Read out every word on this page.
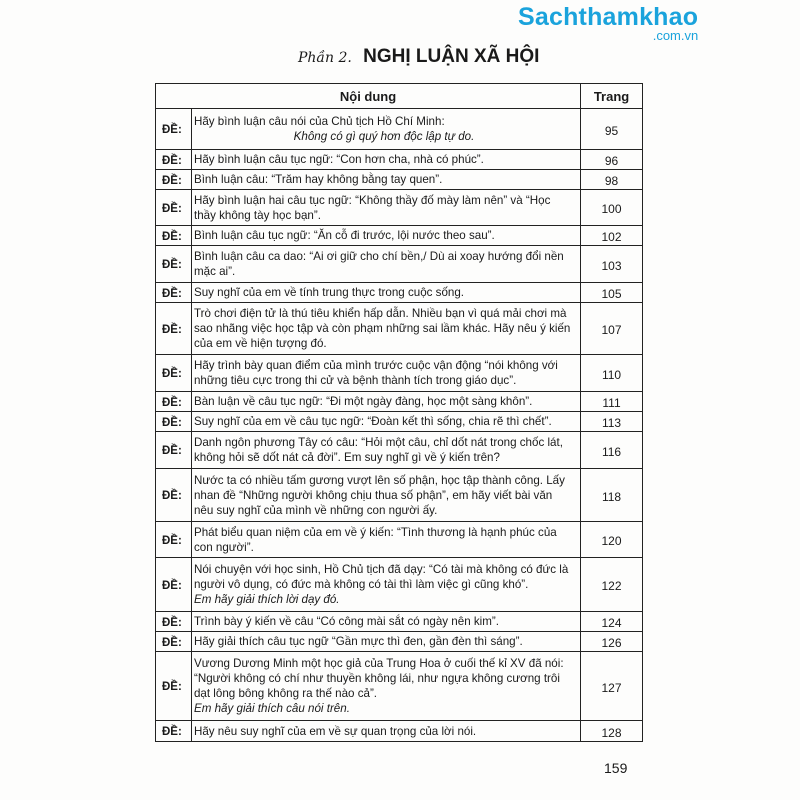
Sachthamkhao
.com.vn
Phần 2. NGHỊ LUẬN XÃ HỘI
Nội dung		Trang
ĐỀ:	Hãy bình luận câu nói của Chủ tịch Hồ Chí Minh:
Không có gì quý hơn độc lập tự do.	95
ĐỀ:	Hãy bình luận câu tục ngữ: “Con hơn cha, nhà có phúc”.	96
ĐỀ:	Bình luận câu: “Trăm hay không bằng tay quen”.	98
ĐỀ:	Hãy bình luận hai câu tục ngữ: “Không thầy đố mày làm nên” và “Học thầy không tày học bạn”.	100
ĐỀ:	Bình luận câu tục ngữ: “Ăn cỗ đi trước, lội nước theo sau”.	102
ĐỀ:	Bình luận câu ca dao: “Ai ơi giữ cho chí bền,/ Dù ai xoay hướng đổi nền mặc ai”.	103
ĐỀ:	Suy nghĩ của em về tính trung thực trong cuộc sống.	105
ĐỀ:	Trò chơi điện tử là thú tiêu khiển hấp dẫn. Nhiều bạn vì quá mải chơi mà sao nhãng việc học tập và còn phạm những sai lầm khác. Hãy nêu ý kiến của em về hiện tượng đó.	107
ĐỀ:	Hãy trình bày quan điểm của mình trước cuộc vận động “nói không với những tiêu cực trong thi cử và bệnh thành tích trong giáo dục”.	110
ĐỀ:	Bàn luận về câu tục ngữ: “Đi một ngày đàng, học một sàng khôn”.	111
ĐỀ:	Suy nghĩ của em về câu tục ngữ: “Đoàn kết thì sống, chia rẽ thì chết”.	113
ĐỀ:	Danh ngôn phương Tây có câu: “Hỏi một câu, chỉ dốt nát trong chốc lát, không hỏi sẽ dốt nát cả đời”. Em suy nghĩ gì về ý kiến trên?	116
ĐỀ:	Nước ta có nhiều tấm gương vượt lên số phận, học tập thành công. Lấy nhan đề “Những người không chịu thua số phận”, em hãy viết bài văn nêu suy nghĩ của mình về những con người ấy.	118
ĐỀ:	Phát biểu quan niệm của em về ý kiến: “Tình thương là hạnh phúc của con người”.	120
ĐỀ:	Nói chuyện với học sinh, Hồ Chủ tịch đã dạy: “Có tài mà không có đức là người vô dụng, có đức mà không có tài thì làm việc gì cũng khó”.
Em hãy giải thích lời dạy đó.	122
ĐỀ:	Trình bày ý kiến về câu “Có công mài sắt có ngày nên kim”.	124
ĐỀ:	Hãy giải thích câu tục ngữ “Gần mực thì đen, gần đèn thì sáng”.	126
ĐỀ:	Vương Dương Minh một học giả của Trung Hoa ở cuối thế kỉ XV đã nói: “Người không có chí như thuyền không lái, như ngựa không cương trôi dạt lông bông không ra thế nào cả”.
Em hãy giải thích câu nói trên.	127
ĐỀ:	Hãy nêu suy nghĩ của em về sự quan trọng của lời nói.	128
159
